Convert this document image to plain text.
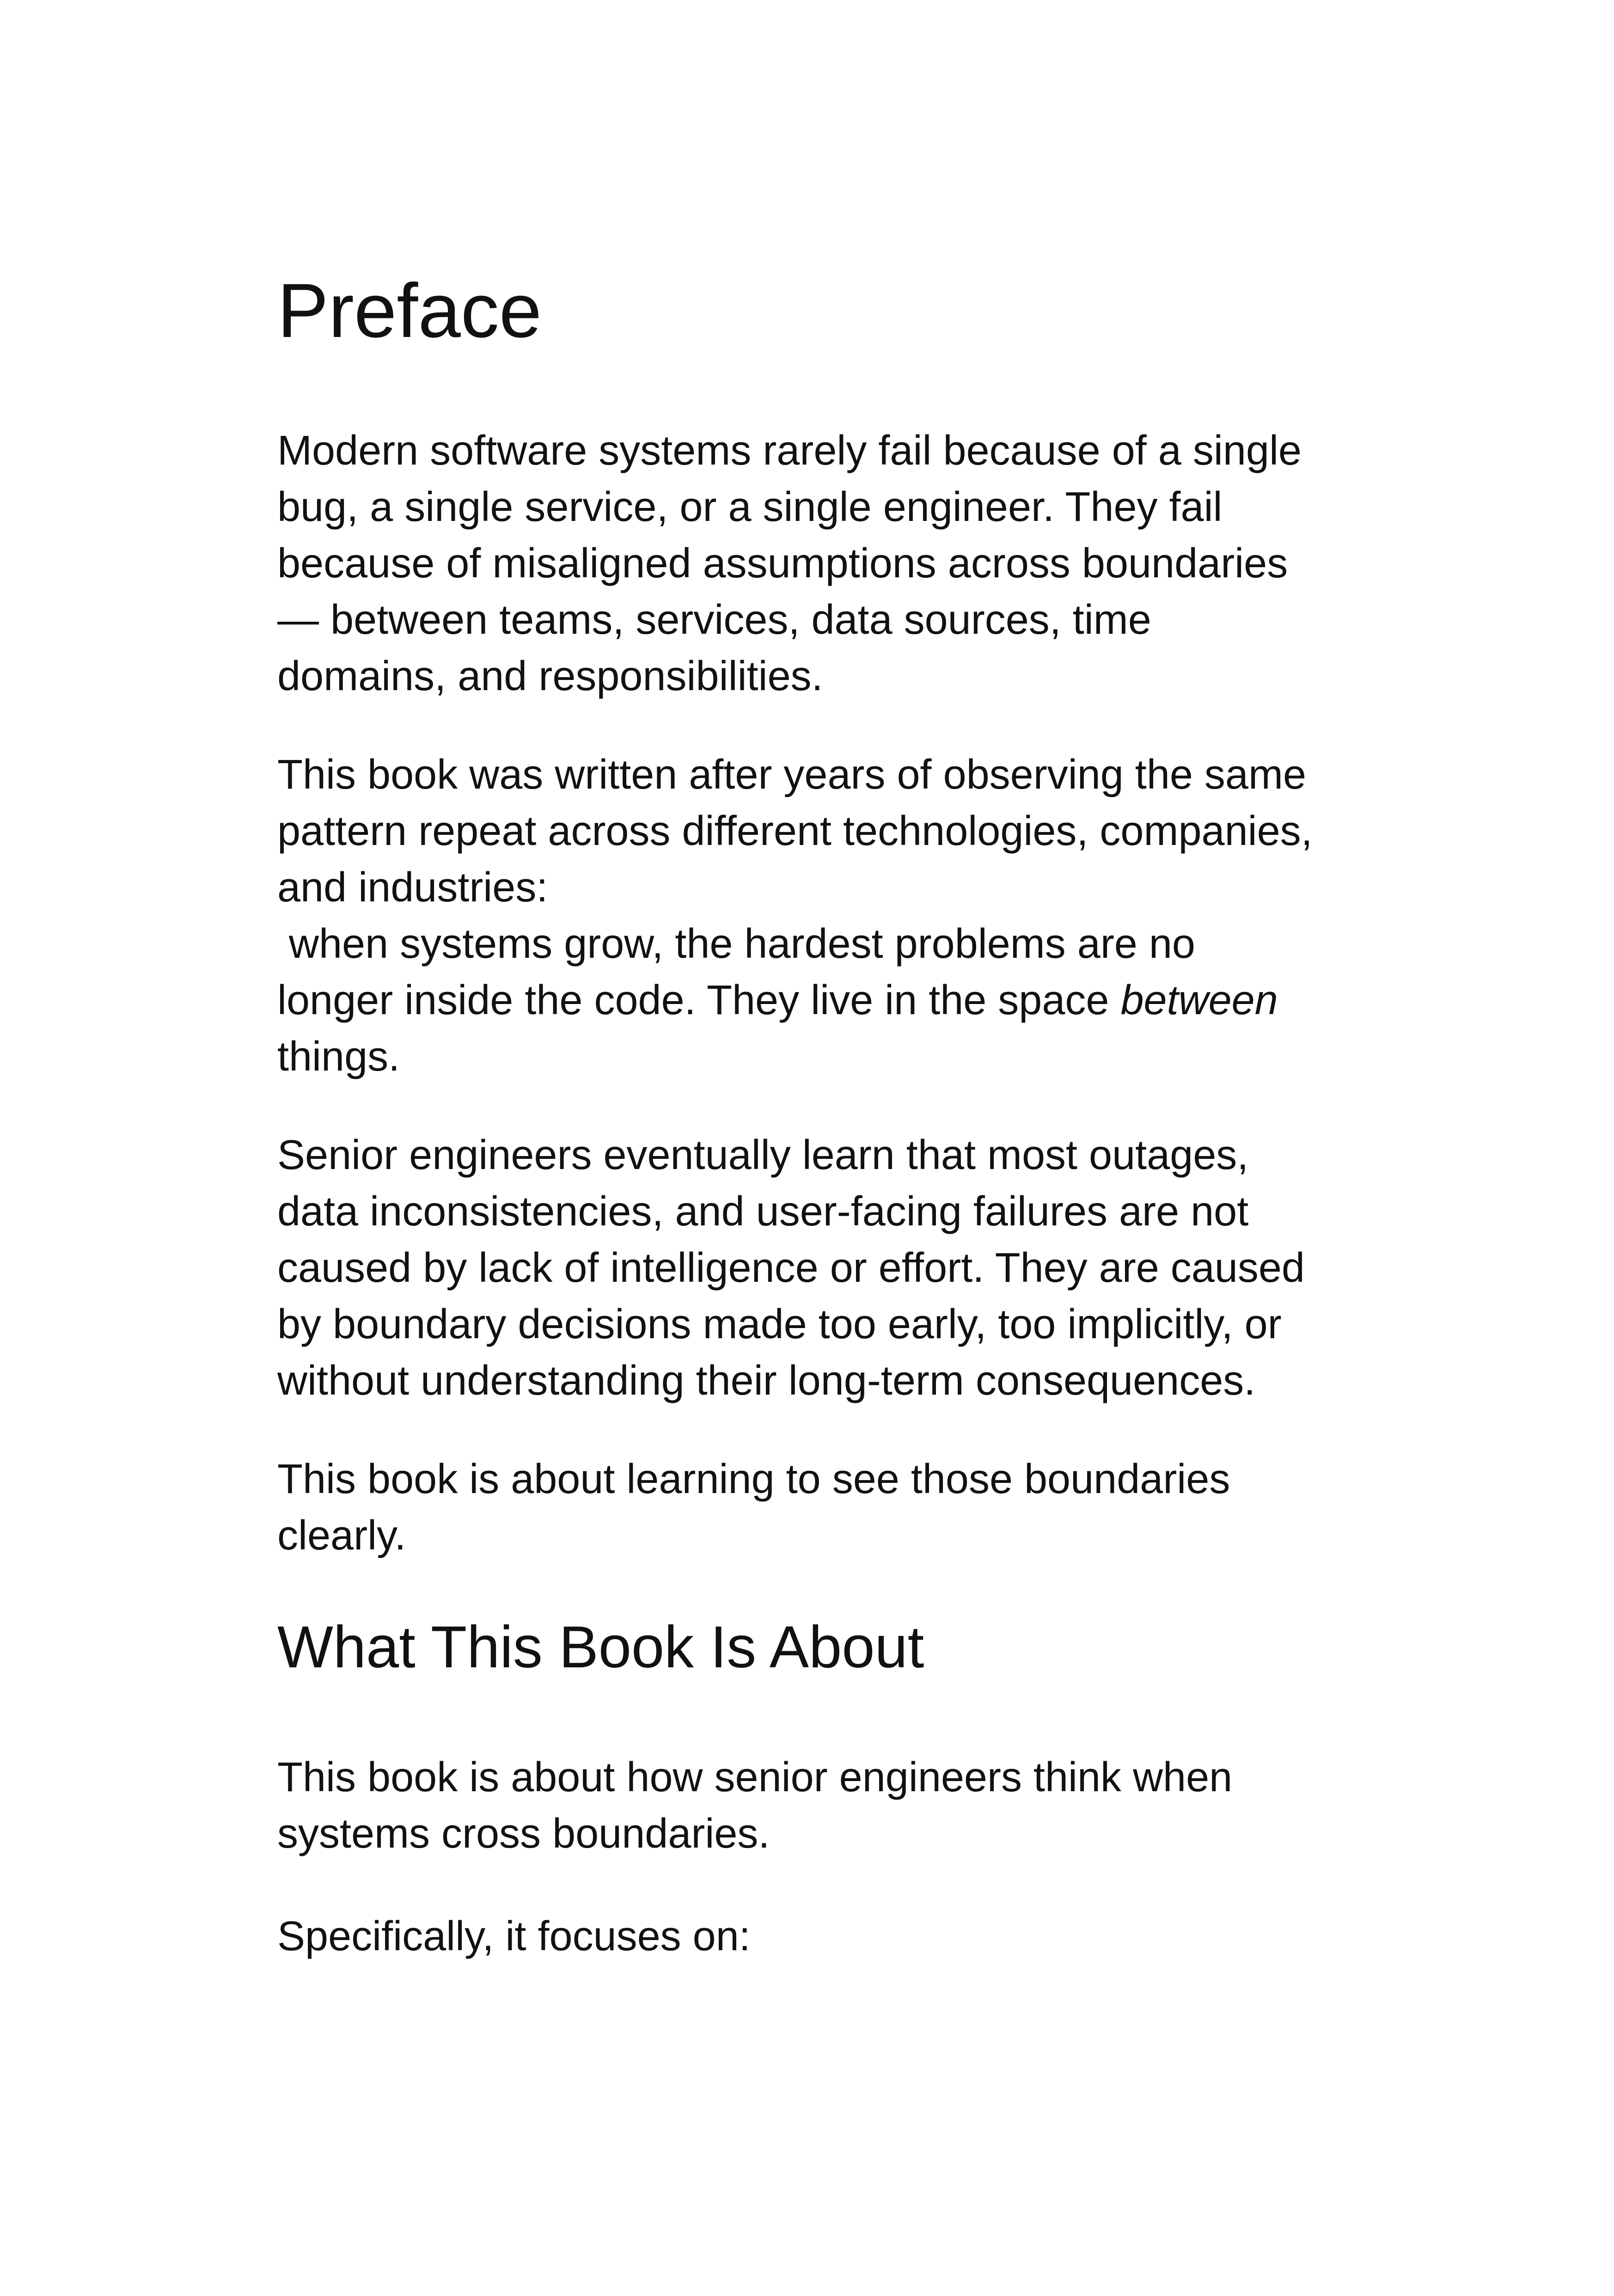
Preface

Modern software systems rarely fail because of a single
bug, a single service, or a single engineer. They fail
because of misaligned assumptions across boundaries
— between teams, services, data sources, time
domains, and responsibilities.

This book was written after years of observing the same
pattern repeat across different technologies, companies,
and industries:
when systems grow, the hardest problems are no
longer inside the code. They live in the space between
things.

Senior engineers eventually learn that most outages,
data inconsistencies, and user-facing failures are not
caused by lack of intelligence or effort. They are caused
by boundary decisions made too early, too implicitly, or
without understanding their long-term consequences.

This book is about learning to see those boundaries
clearly.

What This Book Is About

This book is about how senior engineers think when
systems cross boundaries.

Specifically, it focuses on:
